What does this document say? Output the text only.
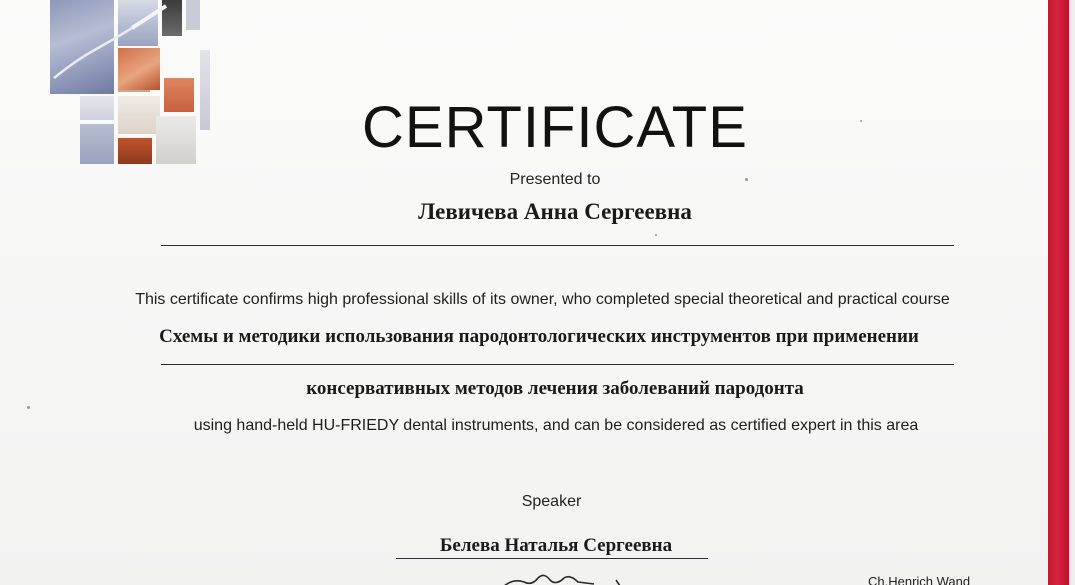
CERTIFICATE
Presented to
Левичева Анна Сергеевна
This certificate confirms high professional skills of its owner, who completed special theoretical and practical course
Схемы и методики использования пародонтологических инструментов при применении
консервативных методов лечения заболеваний пародонта
using hand-held HU-FRIEDY dental instruments, and can be considered as certified expert in this area
Speaker
Белева Наталья Сергеевна
Ch.Henrich Wand
